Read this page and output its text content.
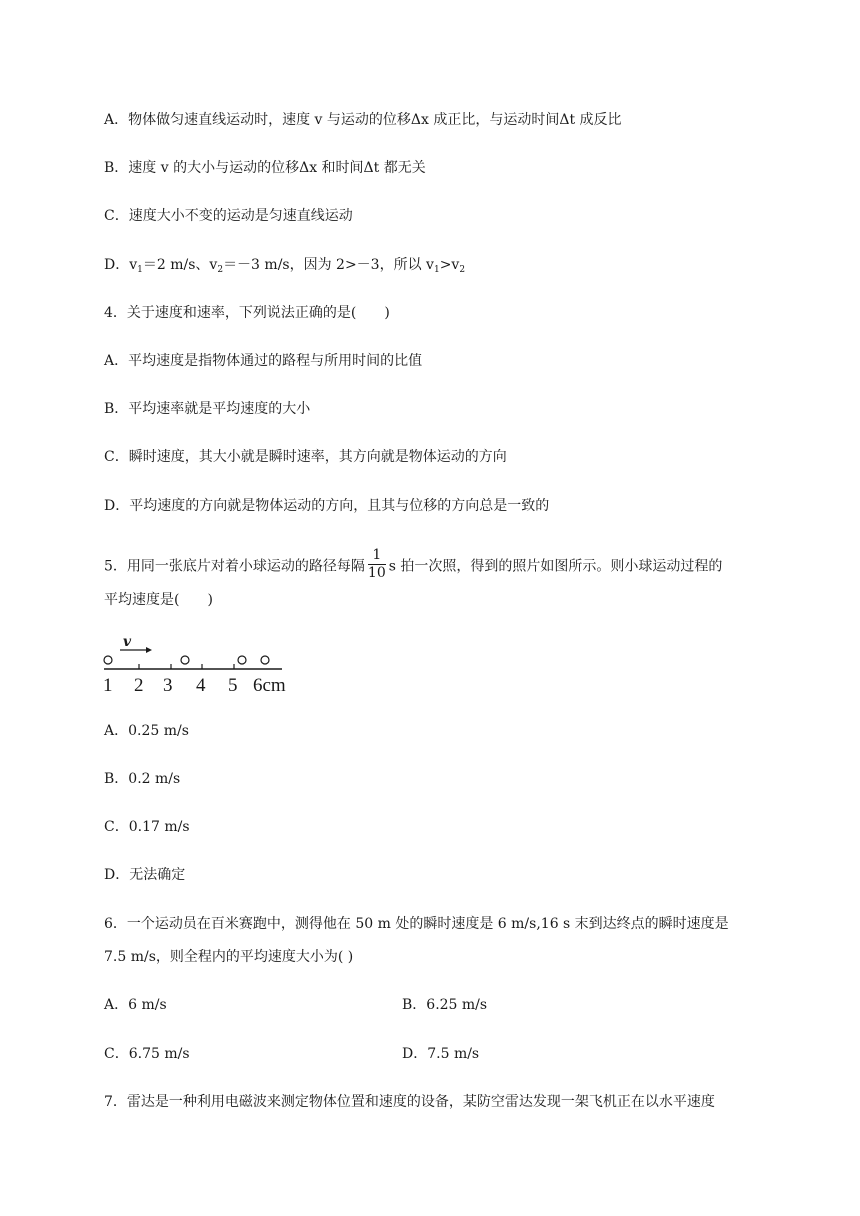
A．物体做匀速直线运动时，速度 v 与运动的位移Δx 成正比，与运动时间Δt 成反比
B．速度 v 的大小与运动的位移Δx 和时间Δt 都无关
C．速度大小不变的运动是匀速直线运动
D．$v_1=2$ m/s、$v_2=-3$ m/s，因为 2>－3，所以 $v_1>v_2$
4．关于速度和速率，下列说法正确的是(　　)
A．平均速度是指物体通过的路程与所用时间的比值
B．平均速率就是平均速度的大小
C．瞬时速度，其大小就是瞬时速率，其方向就是物体运动的方向
D．平均速度的方向就是物体运动的方向，且其与位移的方向总是一致的
5．用同一张底片对着小球运动的路径每隔 $\frac{1}{10}$ s 拍一次照，得到的照片如图所示。则小球运动过程的
平均速度是(　　)
v
1 2 3 4 5 6cm
A．0.25 m/s
B．0.2 m/s
C．0.17 m/s
D．无法确定
6．一个运动员在百米赛跑中，测得他在 50 m 处的瞬时速度是 6 m/s,16 s 末到达终点的瞬时速度是
7.5 m/s，则全程内的平均速度大小为( )
A．6 m/s	B．6.25 m/s
C．6.75 m/s	D．7.5 m/s
7．雷达是一种利用电磁波来测定物体位置和速度的设备，某防空雷达发现一架飞机正在以水平速度
